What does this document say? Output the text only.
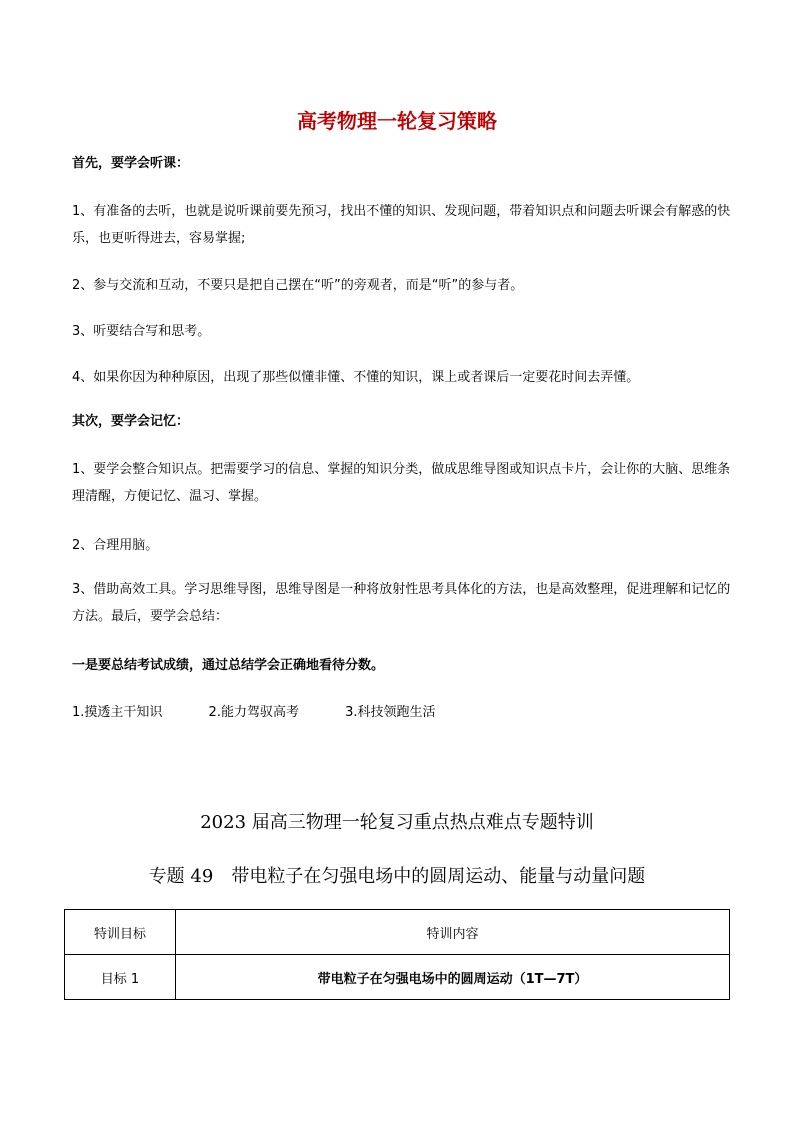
高考物理一轮复习策略
首先，要学会听课：
1、有准备的去听，也就是说听课前要先预习，找出不懂的知识、发现问题，带着知识点和问题去听课会有解惑的快乐，也更听得进去，容易掌握;
2、参与交流和互动，不要只是把自己摆在“听”的旁观者，而是“听”的参与者。
3、听要结合写和思考。
4、如果你因为种种原因，出现了那些似懂非懂、不懂的知识，课上或者课后一定要花时间去弄懂。
其次，要学会记忆：
1、要学会整合知识点。把需要学习的信息、掌握的知识分类，做成思维导图或知识点卡片，会让你的大脑、思维条理清醒，方便记忆、温习、掌握。
2、合理用脑。
3、借助高效工具。学习思维导图，思维导图是一种将放射性思考具体化的方法，也是高效整理，促进理解和记忆的方法。最后，要学会总结：
一是要总结考试成绩，通过总结学会正确地看待分数。
1.摸透主干知识	2.能力驾驭高考	3.科技领跑生活
2023 届高三物理一轮复习重点热点难点专题特训
专题 49　带电粒子在匀强电场中的圆周运动、能量与动量问题
特训目标	特训内容
目标 1	带电粒子在匀强电场中的圆周运动（1T—7T）
